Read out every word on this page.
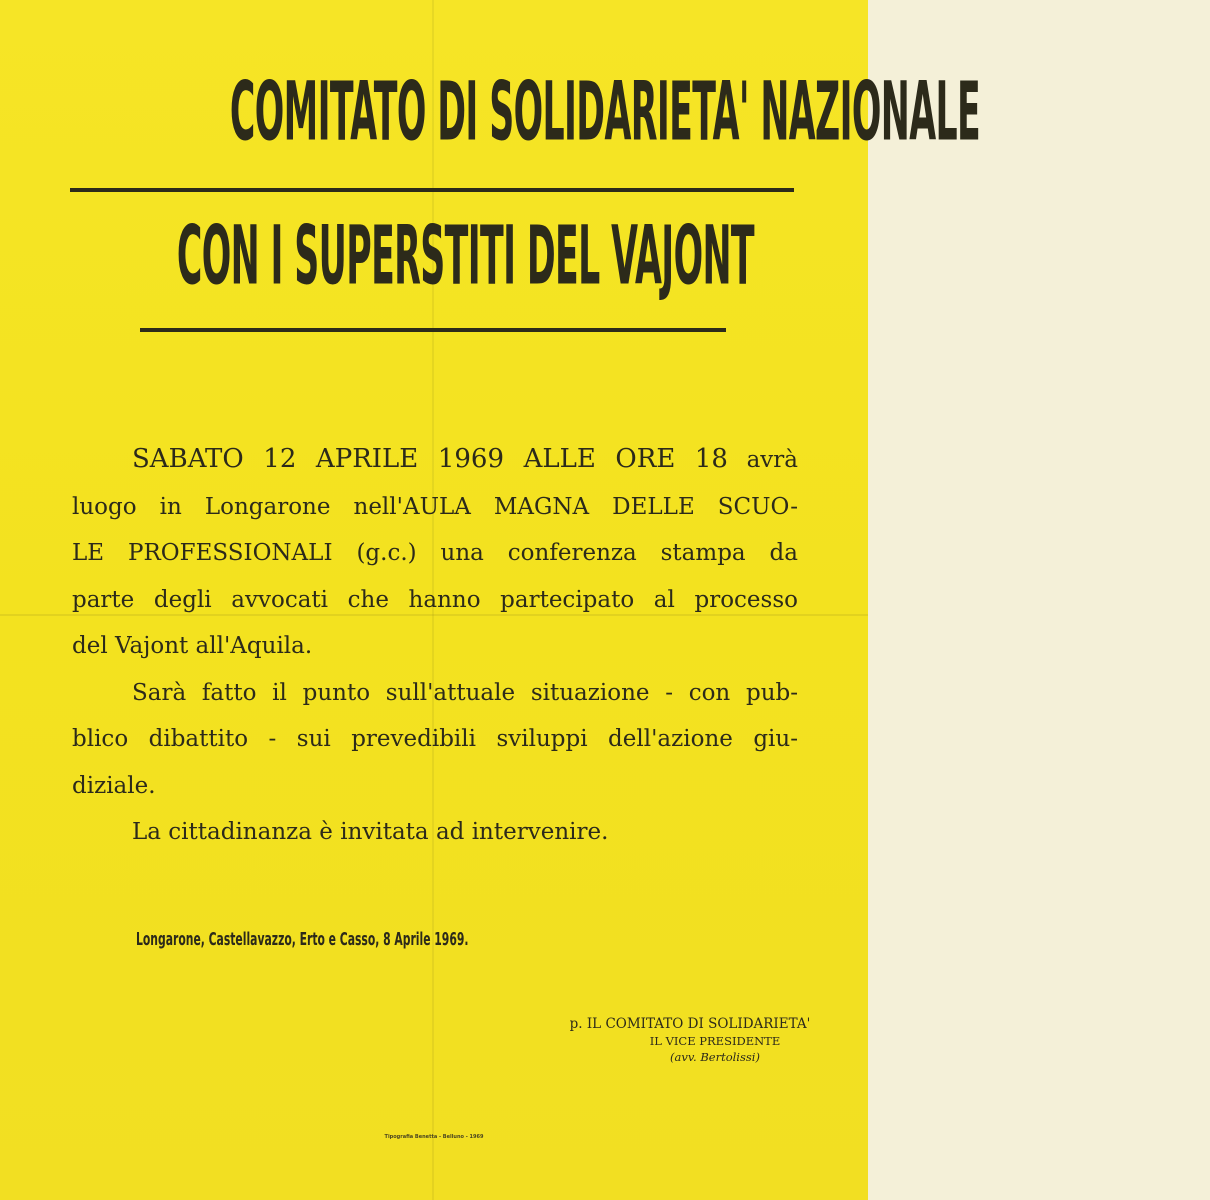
COMITATO DI SOLIDARIETA' NAZIONALE
CON I SUPERSTITI DEL VAJONT

SABATO 12 APRILE 1969 ALLE ORE 18 avrà
luogo in Longarone nell'AULA MAGNA DELLE SCUO-
LE PROFESSIONALI (g.c.) una conferenza stampa da
parte degli avvocati che hanno partecipato al processo
del Vajont all'Aquila.

Sarà fatto il punto sull'attuale situazione - con pub-
blico dibattito - sui prevedibili sviluppi dell'azione giu-
diziale.

La cittadinanza è invitata ad intervenire.

Longarone, Castellavazzo, Erto e Casso, 8 Aprile 1969.
p. IL COMITATO DI SOLIDARIETA'
IL VICE PRESIDENTE
(avv. Bertolissi)
Tipografia Benetta - Belluno - 1969
